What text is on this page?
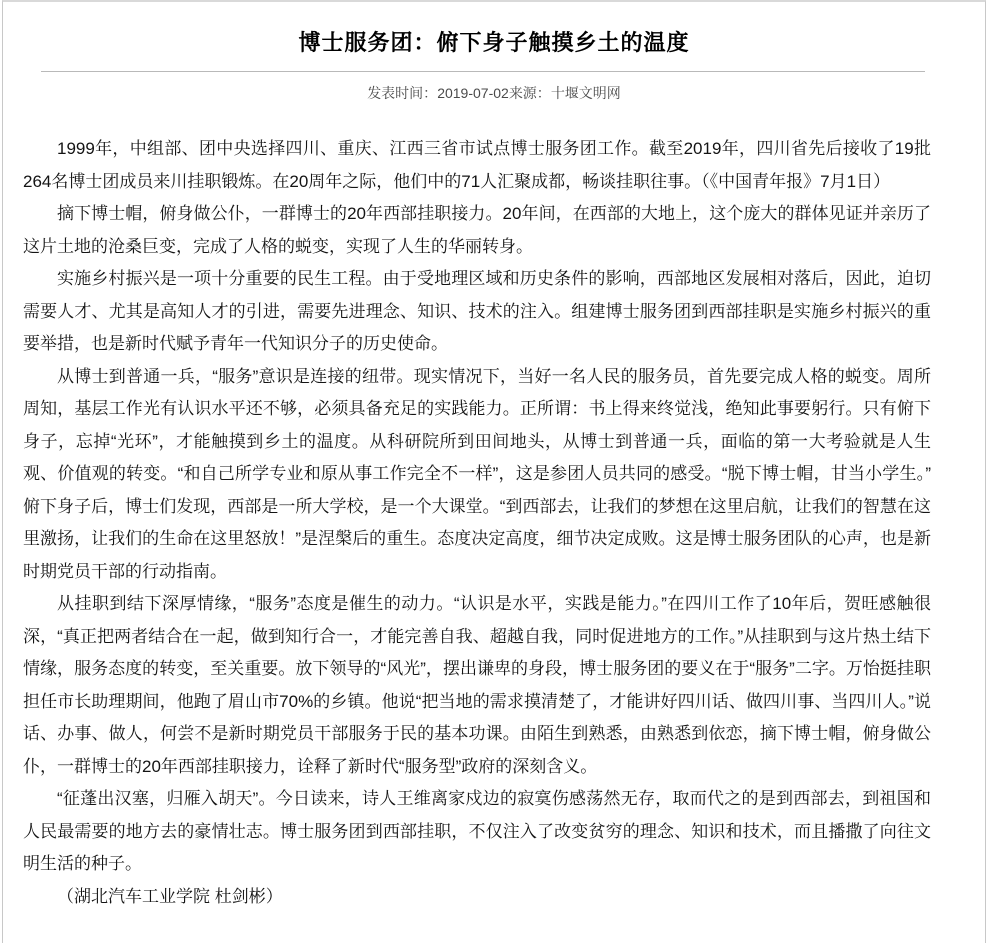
博士服务团：俯下身子触摸乡土的温度
发表时间：2019-07-02来源：十堰文明网

1999年，中组部、团中央选择四川、重庆、江西三省市试点博士服务团工作。截至2019年，四川省先后接收了19批264名博士团成员来川挂职锻炼。在20周年之际，他们中的71人汇聚成都，畅谈挂职往事。（《中国青年报》7月1日）

摘下博士帽，俯身做公仆，一群博士的20年西部挂职接力。20年间，在西部的大地上，这个庞大的群体见证并亲历了这片土地的沧桑巨变，完成了人格的蜕变，实现了人生的华丽转身。

实施乡村振兴是一项十分重要的民生工程。由于受地理区域和历史条件的影响，西部地区发展相对落后，因此，迫切需要人才、尤其是高知人才的引进，需要先进理念、知识、技术的注入。组建博士服务团到西部挂职是实施乡村振兴的重要举措，也是新时代赋予青年一代知识分子的历史使命。

从博士到普通一兵，“服务”意识是连接的纽带。现实情况下，当好一名人民的服务员，首先要完成人格的蜕变。周所周知，基层工作光有认识水平还不够，必须具备充足的实践能力。正所谓：书上得来终觉浅，绝知此事要躬行。只有俯下身子，忘掉“光环”，才能触摸到乡土的温度。从科研院所到田间地头，从博士到普通一兵，面临的第一大考验就是人生观、价值观的转变。“和自己所学专业和原从事工作完全不一样”，这是参团人员共同的感受。“脱下博士帽，甘当小学生。”俯下身子后，博士们发现，西部是一所大学校，是一个大课堂。“到西部去，让我们的梦想在这里启航，让我们的智慧在这里激扬，让我们的生命在这里怒放！”是涅槃后的重生。态度决定高度，细节决定成败。这是博士服务团队的心声，也是新时期党员干部的行动指南。

从挂职到结下深厚情缘，“服务”态度是催生的动力。“认识是水平，实践是能力。”在四川工作了10年后，贺旺感触很深，“真正把两者结合在一起，做到知行合一，才能完善自我、超越自我，同时促进地方的工作。”从挂职到与这片热土结下情缘，服务态度的转变，至关重要。放下领导的“风光”，摆出谦卑的身段，博士服务团的要义在于“服务”二字。万怡挺挂职担任市长助理期间，他跑了眉山市70%的乡镇。他说“把当地的需求摸清楚了，才能讲好四川话、做四川事、当四川人。”说话、办事、做人，何尝不是新时期党员干部服务于民的基本功课。由陌生到熟悉，由熟悉到依恋，摘下博士帽，俯身做公仆，一群博士的20年西部挂职接力，诠释了新时代“服务型”政府的深刻含义。

“征蓬出汉塞，归雁入胡天”。今日读来，诗人王维离家戍边的寂寞伤感荡然无存，取而代之的是到西部去，到祖国和人民最需要的地方去的豪情壮志。博士服务团到西部挂职，不仅注入了改变贫穷的理念、知识和技术，而且播撒了向往文明生活的种子。

（湖北汽车工业学院 杜剑彬）
